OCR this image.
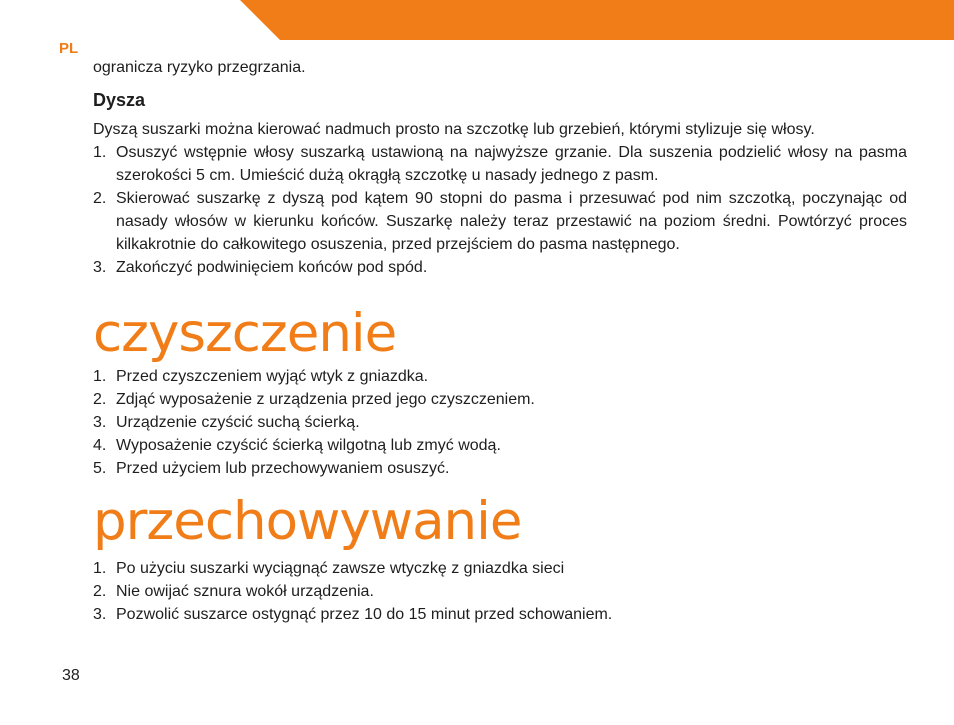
PL

ogranicza ryzyko przegrzania.

Dysza

Dyszą suszarki można kierować nadmuch prosto na szczotkę lub grzebień, którymi stylizuje się włosy.

1. Osuszyć wstępnie włosy suszarką ustawioną na najwyższe grzanie. Dla suszenia podzielić włosy na pasma szerokości 5 cm. Umieścić dużą okrągłą szczotkę u nasady jednego z pasm.
2. Skierować suszarkę z dyszą pod kątem 90 stopni do pasma i przesuwać pod nim szczotką, poczynając od nasady włosów w kierunku końców. Suszarkę należy teraz przestawić na poziom średni. Powtórzyć proces kilkakrotnie do całkowitego osuszenia, przed przejściem do pasma następnego.
3. Zakończyć podwinięciem końców pod spód.
czyszczenie
1. Przed czyszczeniem wyjąć wtyk z gniazdka.
2. Zdjąć wyposażenie z urządzenia przed jego czyszczeniem.
3. Urządzenie czyścić suchą ścierką.
4. Wyposażenie czyścić ścierką wilgotną lub zmyć wodą.
5. Przed użyciem lub przechowywaniem osuszyć.
przechowywanie
1. Po użyciu suszarki wyciągnąć zawsze wtyczkę z gniazdka sieci
2. Nie owijać sznura wokół urządzenia.
3. Pozwolić suszarce ostygnąć przez 10 do 15 minut przed schowaniem.
38
